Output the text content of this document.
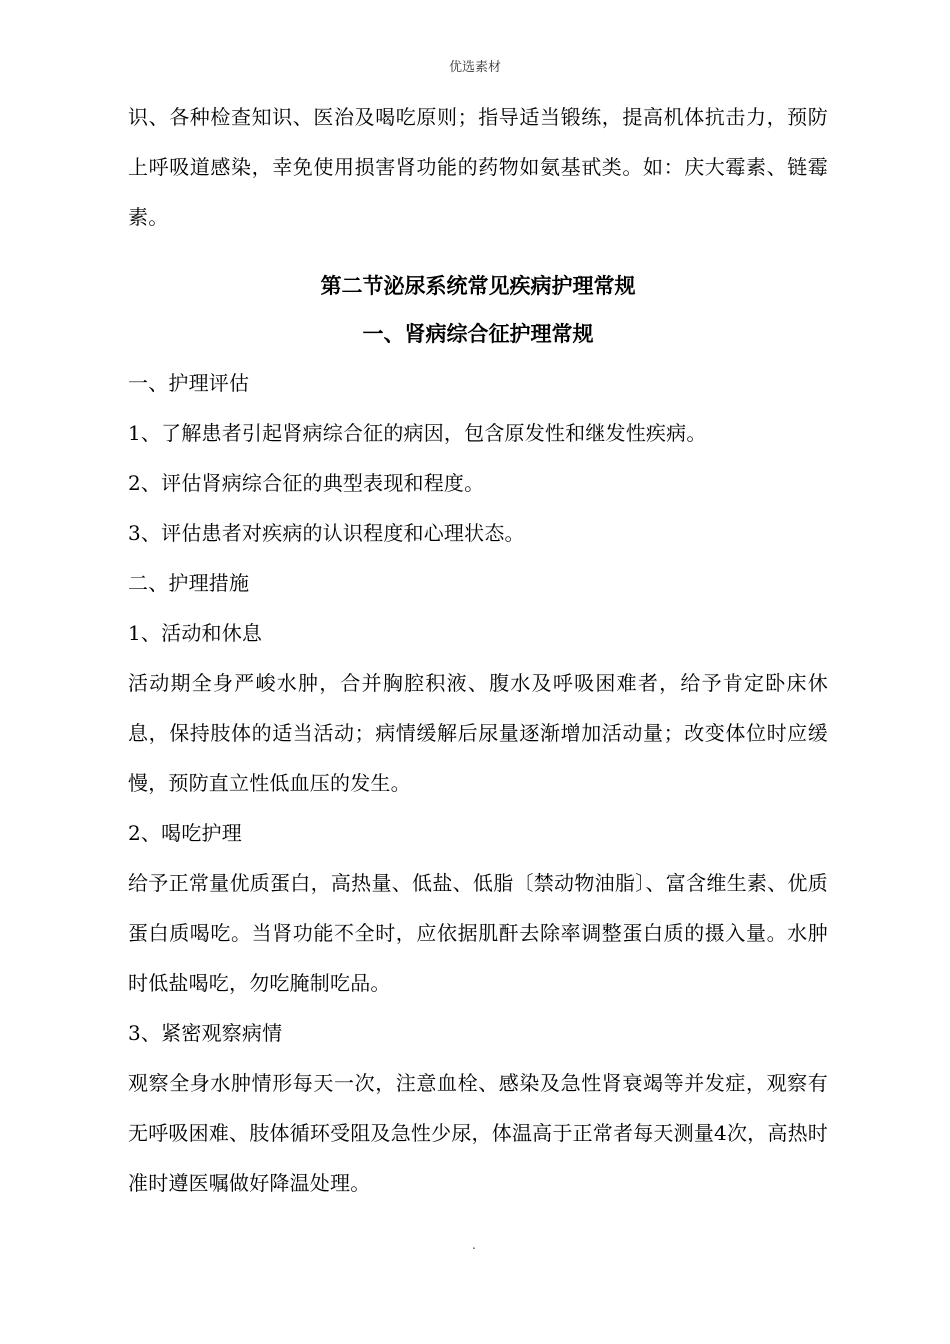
优选素材

识、各种检查知识、医治及喝吃原则；指导适当锻练，提高机体抗击力，预防上呼吸道感染，幸免使用损害肾功能的药物如氨基甙类。如：庆大霉素、链霉素。

第二节泌尿系统常见疾病护理常规

一、肾病综合征护理常规

一、护理评估

1、了解患者引起肾病综合征的病因，包含原发性和继发性疾病。

2、评估肾病综合征的典型表现和程度。

3、评估患者对疾病的认识程度和心理状态。

二、护理措施

1、活动和休息

活动期全身严峻水肿，合并胸腔积液、腹水及呼吸困难者，给予肯定卧床休息，保持肢体的适当活动；病情缓解后尿量逐渐增加活动量；改变体位时应缓慢，预防直立性低血压的发生。

2、喝吃护理

给予正常量优质蛋白，高热量、低盐、低脂〔禁动物油脂〕、富含维生素、优质蛋白质喝吃。当肾功能不全时，应依据肌酐去除率调整蛋白质的摄入量。水肿时低盐喝吃，勿吃腌制吃品。

3、紧密观察病情

观察全身水肿情形每天一次，注意血栓、感染及急性肾衰竭等并发症，观察有无呼吸困难、肢体循环受阻及急性少尿，体温高于正常者每天测量4次，高热时准时遵医嘱做好降温处理。

.
